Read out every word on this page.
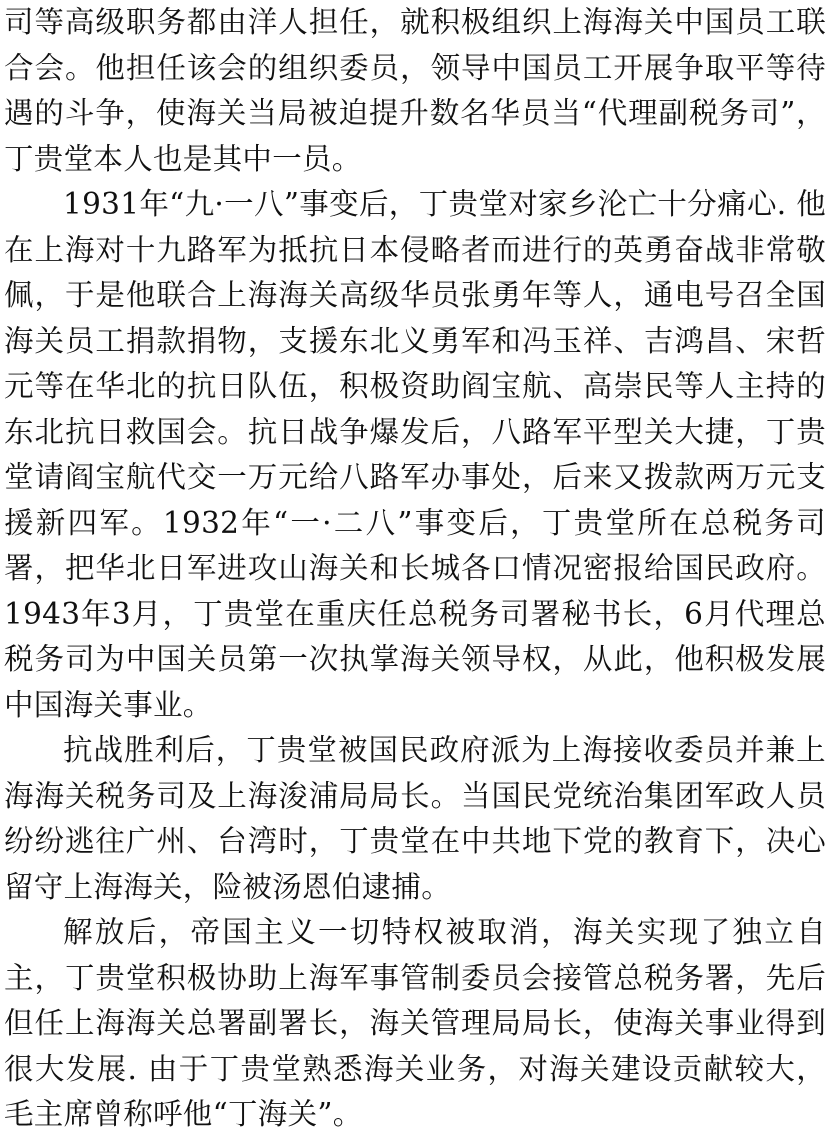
司等高级职务都由洋人担任，就积极组织上海海关中国员工联合会。他担任该会的组织委员，领导中国员工开展争取平等待遇的斗争，使海关当局被迫提升数名华员当“代理副税务司”，丁贵堂本人也是其中一员。

1931年“九·一八”事变后，丁贵堂对家乡沦亡十分痛心. 他在上海对十九路军为抵抗日本侵略者而进行的英勇奋战非常敬佩，于是他联合上海海关高级华员张勇年等人，通电号召全国海关员工捐款捐物，支援东北义勇军和冯玉祥、吉鸿昌、宋哲元等在华北的抗日队伍，积极资助阎宝航、高崇民等人主持的东北抗日救国会。抗日战争爆发后，八路军平型关大捷，丁贵堂请阎宝航代交一万元给八路军办事处，后来又拨款两万元支援新四军。1932年“一·二八”事变后，丁贵堂所在总税务司署，把华北日军进攻山海关和长城各口情况密报给国民政府。1943年3月，丁贵堂在重庆任总税务司署秘书长，6月代理总税务司为中国关员第一次执掌海关领导权，从此，他积极发展中国海关事业。

抗战胜利后，丁贵堂被国民政府派为上海接收委员并兼上海海关税务司及上海浚浦局局长。当国民党统治集团军政人员纷纷逃往广州、台湾时，丁贵堂在中共地下党的教育下，决心留守上海海关，险被汤恩伯逮捕。

解放后，帝国主义一切特权被取消，海关实现了独立自主，丁贵堂积极协助上海军事管制委员会接管总税务署，先后但任上海海关总署副署长，海关管理局局长，使海关事业得到很大发展. 由于丁贵堂熟悉海关业务，对海关建设贡献较大，毛主席曾称呼他“丁海关”。
